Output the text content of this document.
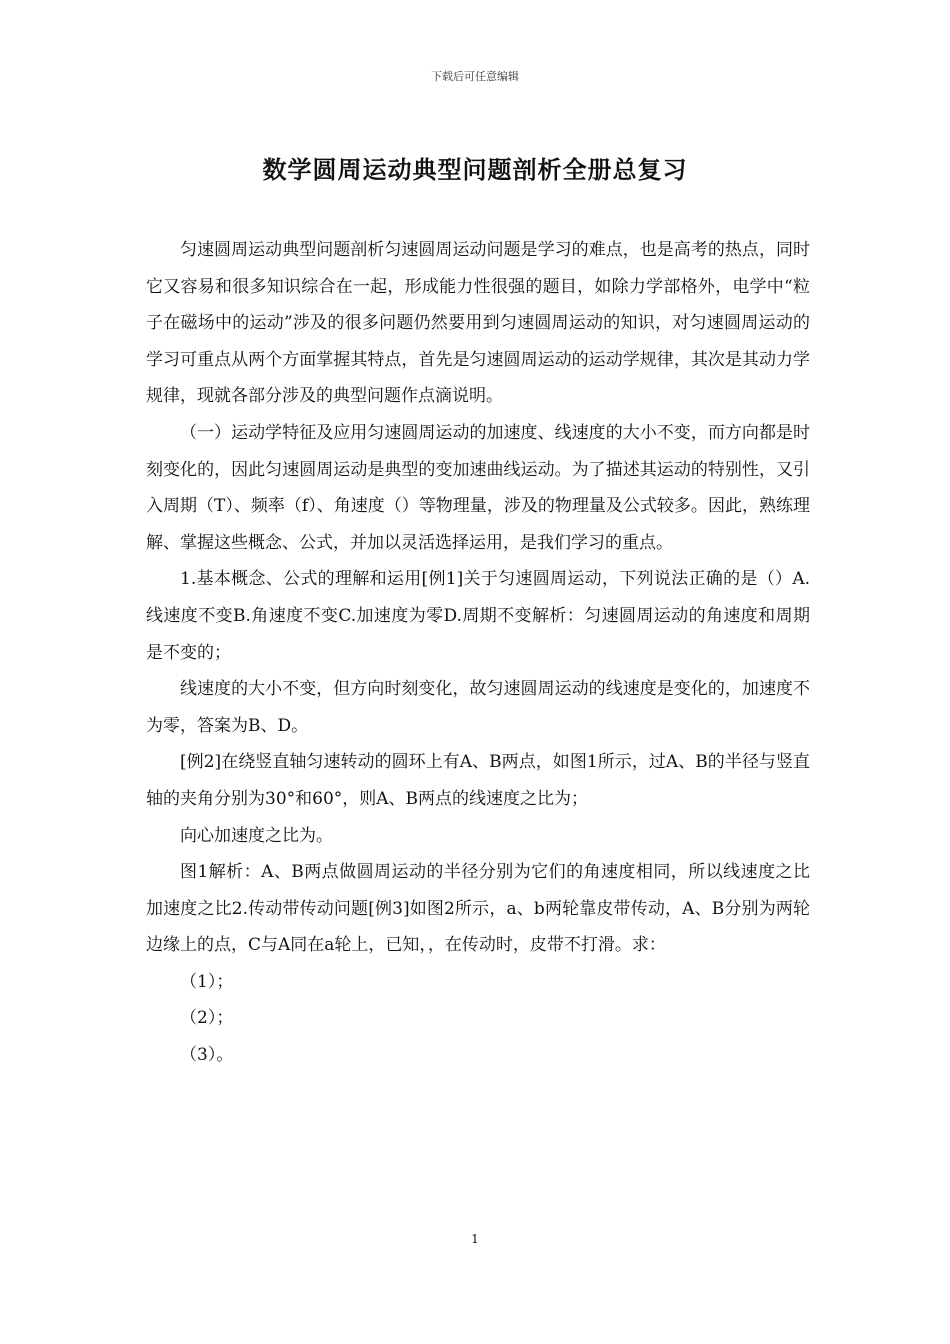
下载后可任意编辑
数学圆周运动典型问题剖析全册总复习

匀速圆周运动典型问题剖析匀速圆周运动问题是学习的难点，也是高考的热点，同时它又容易和很多知识综合在一起，形成能力性很强的题目，如除力学部格外，电学中“粒子在磁场中的运动”涉及的很多问题仍然要用到匀速圆周运动的知识，对匀速圆周运动的学习可重点从两个方面掌握其特点，首先是匀速圆周运动的运动学规律，其次是其动力学规律，现就各部分涉及的典型问题作点滴说明。

（一）运动学特征及应用匀速圆周运动的加速度、线速度的大小不变，而方向都是时刻变化的，因此匀速圆周运动是典型的变加速曲线运动。为了描述其运动的特别性，又引入周期（T）、频率（f）、角速度（）等物理量，涉及的物理量及公式较多。因此，熟练理解、掌握这些概念、公式，并加以灵活选择运用，是我们学习的重点。

1.基本概念、公式的理解和运用[例1]关于匀速圆周运动，下列说法正确的是（）A.线速度不变B.角速度不变C.加速度为零D.周期不变解析：匀速圆周运动的角速度和周期是不变的；

线速度的大小不变，但方向时刻变化，故匀速圆周运动的线速度是变化的，加速度不为零，答案为B、D。

[例2]在绕竖直轴匀速转动的圆环上有A、B两点，如图1所示，过A、B的半径与竖直轴的夹角分别为30°和60°，则A、B两点的线速度之比为；

向心加速度之比为。

图1解析：A、B两点做圆周运动的半径分别为它们的角速度相同，所以线速度之比加速度之比2.传动带传动问题[例3]如图2所示，a、b两轮靠皮带传动，A、B分别为两轮边缘上的点，C与A同在a轮上，已知，，在传动时，皮带不打滑。求：

（1）；

（2）；

（3）。

1
